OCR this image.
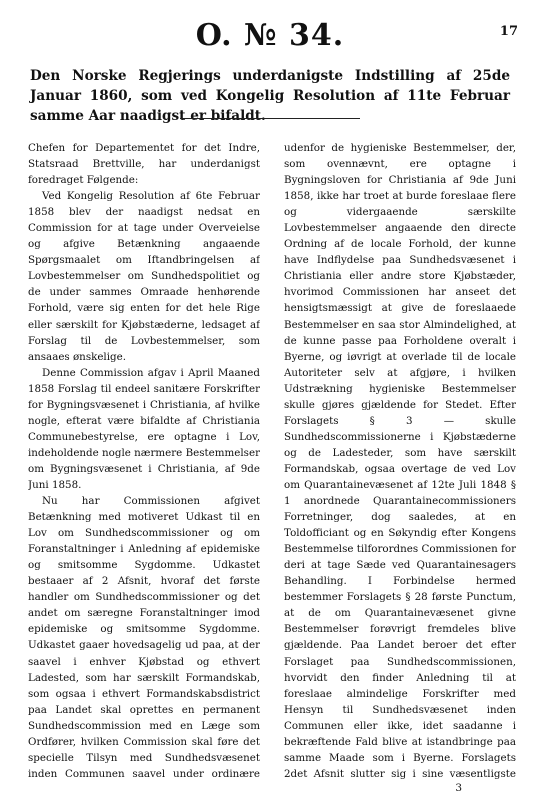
O. № 34.	17
Den Norske Regjerings underdanigste Indstilling af 25de Januar 1860, som ved Kongelig Resolution af 11te Februar samme Aar naadigst er bifaldt.

Chefen for Departementet for det Indre, Statsraad Brettville, har underdanigst foredraget Følgende:

Ved Kongelig Resolution af 6te Februar 1858 blev der naadigst nedsat en Commission for at tage under Overveielse og afgive Betænkning angaaende Spørgsmaalet om Iftandbringelsen af Lovbestemmelser om Sundhedspolitiet og de under sammes Omraade henhørende Forhold, være sig enten for det hele Rige eller særskilt for Kjøbstæderne, ledsaget af Forslag til de Lovbestemmelser, som ansaaes ønskelige.

Denne Commission afgav i April Maaned 1858 Forslag til endeel sanitære Forskrifter for Bygningsvæsenet i Christiania, af hvilke nogle, efterat være bifaldte af Christiania Communebestyrelse, ere optagne i Lov, indeholdende nogle nærmere Bestemmelser om Bygningsvæsenet i Christiania, af 9de Juni 1858.

Nu har Commissionen afgivet Betænkning med motiveret Udkast til en Lov om Sundhedscommissioner og om Foranstaltninger i Anledning af epidemiske og smitsomme Sygdomme. Udkastet bestaaer af 2 Afsnit, hvoraf det første handler om Sundhedscommissioner og det andet om særegne Foranstaltninger imod epidemiske og smitsomme Sygdomme. Udkastet gaaer hovedsagelig ud paa, at der saavel i enhver Kjøbstad og ethvert Ladested, som har særskilt Formandskab, som ogsaa i ethvert Formandskabsdistrict paa Landet skal oprettes en permanent Sundhedscommission med en Læge som Ordfører, hvilken Commission skal føre det specielle Tilsyn med Sundhedsvæsenet inden Communen saavel under ordinære

udenfor de hygieniske Bestemmelser, der, som ovennævnt, ere optagne i Bygningsloven for Christiania af 9de Juni 1858, ikke har troet at burde foreslaae flere og vidergaaende særskilte Lovbestemmelser angaaende den directe Ordning af de locale Forhold, der kunne have Indflydelse paa Sundhedsvæsenet i Christiania eller andre store Kjøbstæder, hvorimod Commissionen har anseet det hensigtsmæssigt at give de foreslaaede Bestemmelser en saa stor Almindelighed, at de kunne passe paa Forholdene overalt i Byerne, og iøvrigt at overlade til de locale Autoriteter selv at afgjøre, i hvilken Udstrækning hygieniske Bestemmelser skulle gjøres gjældende for Stedet. Efter Forslagets § 3 — skulle Sundhedscommissionerne i Kjøbstæderne og de Ladesteder, som have særskilt Formandskab, ogsaa overtage de ved Lov om Quarantainevæsenet af 12te Juli 1848 § 1 anordnede Quarantainecommissioners Forretninger, dog saaledes, at en Toldofficiant og en Søkyndig efter Kongens Bestemmelse tilforordnes Commissionen for deri at tage Sæde ved Quarantainesagers Behandling. I Forbindelse hermed bestemmer Forslagets § 28 første Punctum, at de om Quarantainevæsenet givne Bestemmelser forøvrigt fremdeles blive gjældende. Paa Landet beroer det efter Forslaget paa Sundhedscommissionen, hvorvidt den finder Anledning til at foreslaae almindelige Forskrifter med Hensyn til Sundhedsvæsenet inden Communen eller ikke, idet saadanne i bekræftende Fald blive at istandbringe paa samme Maade som i Byerne. Forslagets 2det Afsnit slutter sig i sine væsentligste

3
